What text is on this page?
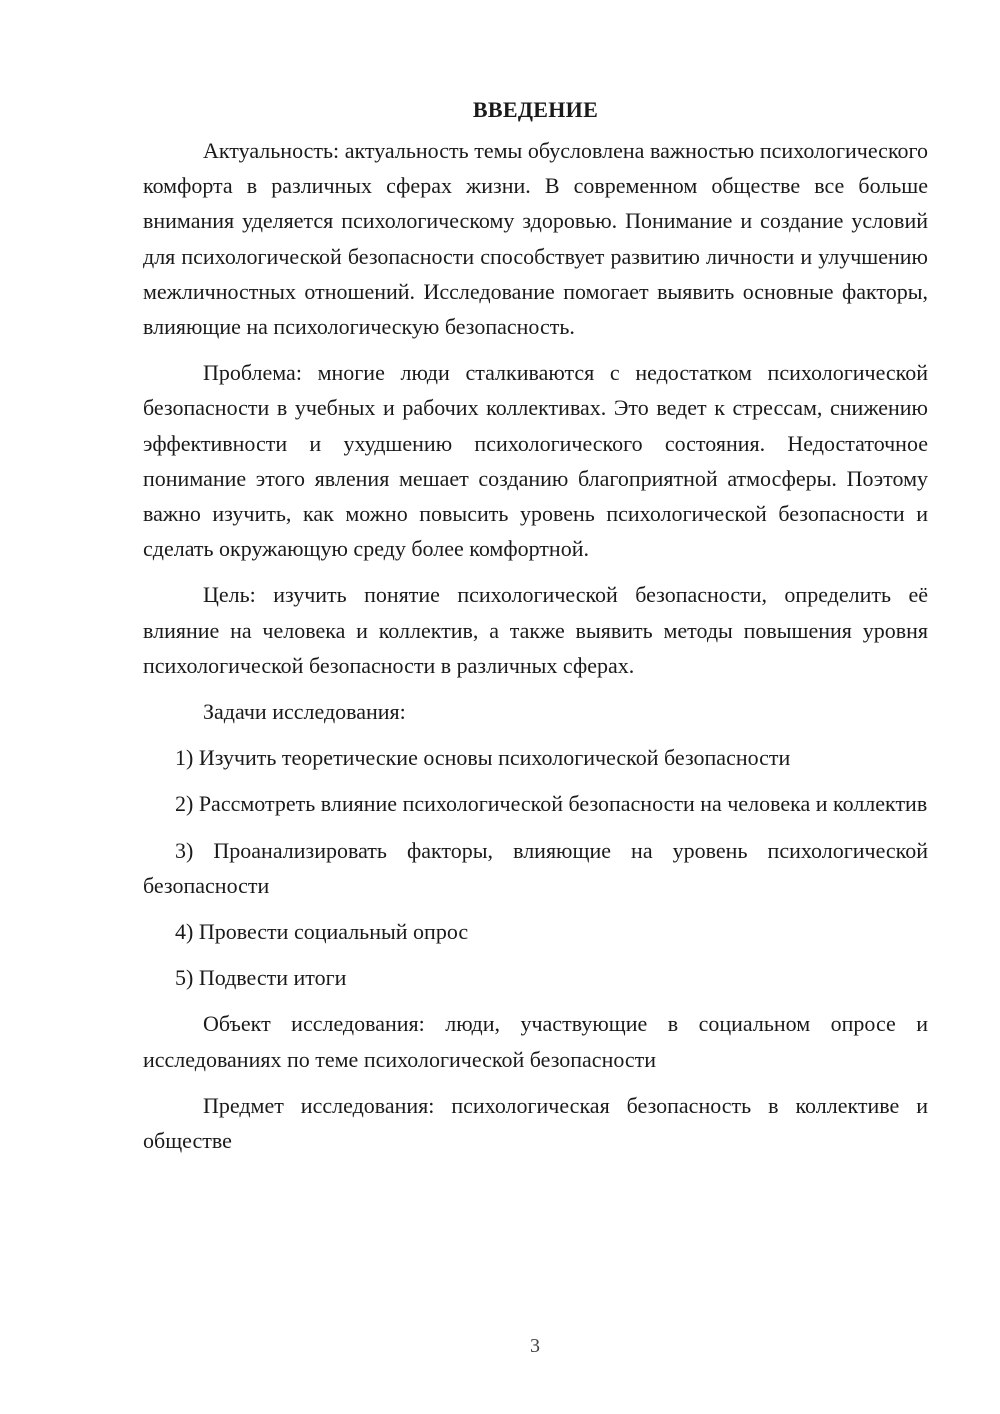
ВВЕДЕНИЕ

Актуальность: актуальность темы обусловлена важностью психологического комфорта в различных сферах жизни. В современном обществе все больше внимания уделяется психологическому здоровью. Понимание и создание условий для психологической безопасности способствует развитию личности и улучшению межличностных отношений. Исследование помогает выявить основные факторы, влияющие на психологическую безопасность.

Проблема: многие люди сталкиваются с недостатком психологической безопасности в учебных и рабочих коллективах. Это ведет к стрессам, снижению эффективности и ухудшению психологического состояния. Недостаточное понимание этого явления мешает созданию благоприятной атмосферы. Поэтому важно изучить, как можно повысить уровень психологической безопасности и сделать окружающую среду более комфортной.

Цель: изучить понятие психологической безопасности, определить её влияние на человека и коллектив, а также выявить методы повышения уровня психологической безопасности в различных сферах.

Задачи исследования:

1) Изучить теоретические основы психологической безопасности

2) Рассмотреть влияние психологической безопасности на человека и коллектив

3) Проанализировать факторы, влияющие на уровень психологической безопасности

4) Провести социальный опрос

5) Подвести итоги

Объект исследования: люди, участвующие в социальном опросе и исследованиях по теме психологической безопасности

Предмет исследования: психологическая безопасность в коллективе и обществе

3
